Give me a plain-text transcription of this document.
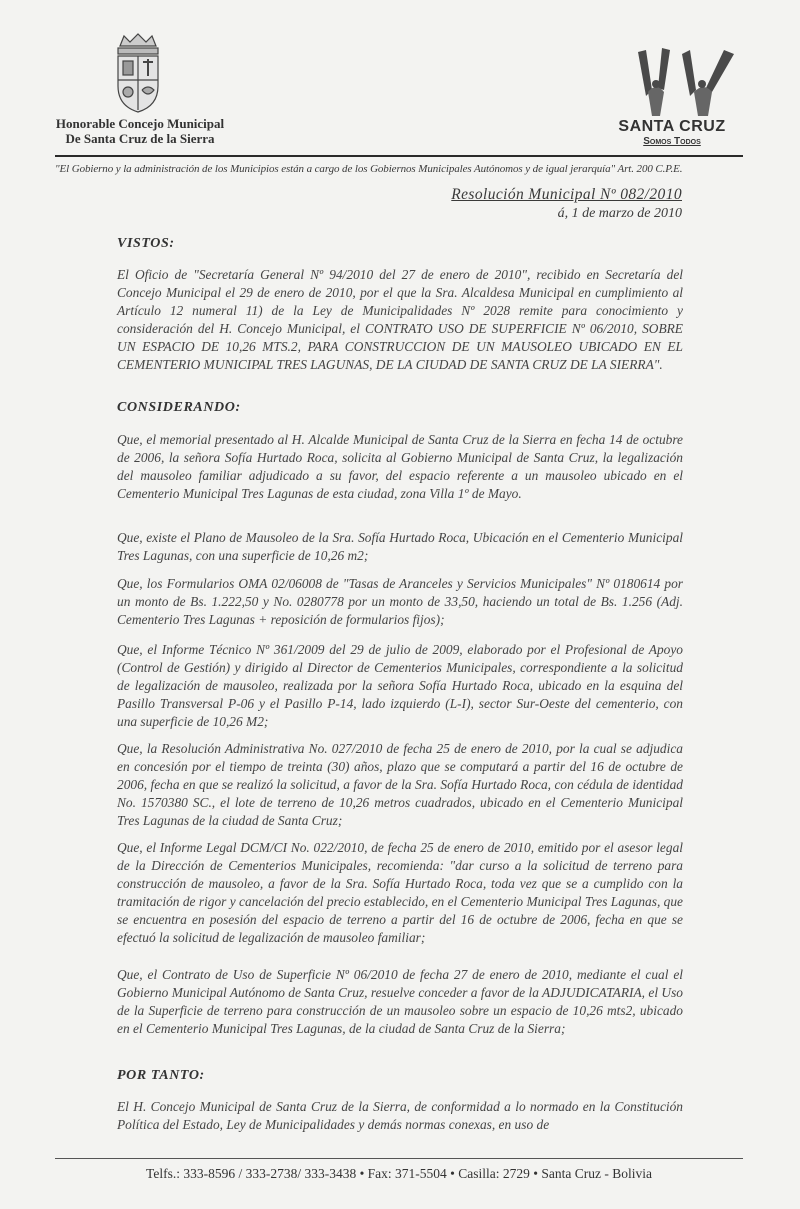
Honorable Concejo Municipal
De Santa Cruz de la Sierra
SANTA CRUZ
Somos Todos
"El Gobierno y la administración de los Municipios están a cargo de los Gobiernos Municipales Autónomos y de igual jerarquía" Art. 200 C.P.E.
Resolución Municipal Nº 082/2010
á, 1 de marzo de 2010
VISTOS:
El Oficio de "Secretaría General Nº 94/2010 del 27 de enero de 2010", recibido en Secretaría del Concejo Municipal el 29 de enero de 2010, por el que la Sra. Alcaldesa Municipal en cumplimiento al Artículo 12 numeral 11) de la Ley de Municipalidades Nº 2028 remite para conocimiento y consideración del H. Concejo Municipal, el CONTRATO USO DE SUPERFICIE Nº 06/2010, SOBRE UN ESPACIO DE 10,26 MTS.2, PARA CONSTRUCCION DE UN MAUSOLEO UBICADO EN EL CEMENTERIO MUNICIPAL TRES LAGUNAS, DE LA CIUDAD DE SANTA CRUZ DE LA SIERRA".
CONSIDERANDO:
Que, el memorial presentado al H. Alcalde Municipal de Santa Cruz de la Sierra en fecha 14 de octubre de 2006, la señora Sofía Hurtado Roca, solicita al Gobierno Municipal de Santa Cruz, la legalización del mausoleo familiar adjudicado a su favor, del espacio referente a un mausoleo ubicado en el Cementerio Municipal Tres Lagunas de esta ciudad, zona Villa 1º de Mayo.
Que, existe el Plano de Mausoleo de la Sra. Sofía Hurtado Roca, Ubicación en el Cementerio Municipal Tres Lagunas, con una superficie de 10,26 m2;
Que, los Formularios OMA 02/06008 de "Tasas de Aranceles y Servicios Municipales" Nº 0180614 por un monto de Bs. 1.222,50 y No. 0280778 por un monto de 33,50, haciendo un total de Bs. 1.256 (Adj. Cementerio Tres Lagunas + reposición de formularios fijos);
Que, el Informe Técnico Nº 361/2009 del 29 de julio de 2009, elaborado por el Profesional de Apoyo (Control de Gestión) y dirigido al Director de Cementerios Municipales, correspondiente a la solicitud de legalización de mausoleo, realizada por la señora Sofía Hurtado Roca, ubicado en la esquina del Pasillo Transversal P-06 y el Pasillo P-14, lado izquierdo (L-I), sector Sur-Oeste del cementerio, con una superficie de 10,26 M2;
Que, la Resolución Administrativa No. 027/2010 de fecha 25 de enero de 2010, por la cual se adjudica en concesión por el tiempo de treinta (30) años, plazo que se computará a partir del 16 de octubre de 2006, fecha en que se realizó la solicitud, a favor de la Sra. Sofía Hurtado Roca, con cédula de identidad No. 1570380 SC., el lote de terreno de 10,26 metros cuadrados, ubicado en el Cementerio Municipal Tres Lagunas de la ciudad de Santa Cruz;
Que, el Informe Legal DCM/CI No. 022/2010, de fecha 25 de enero de 2010, emitido por el asesor legal de la Dirección de Cementerios Municipales, recomienda: "dar curso a la solicitud de terreno para construcción de mausoleo, a favor de la Sra. Sofía Hurtado Roca, toda vez que se a cumplido con la tramitación de rigor y cancelación del precio establecido, en el Cementerio Municipal Tres Lagunas, que se encuentra en posesión del espacio de terreno a partir del 16 de octubre de 2006, fecha en que se efectuó la solicitud de legalización de mausoleo familiar;
Que, el Contrato de Uso de Superficie Nº 06/2010 de fecha 27 de enero de 2010, mediante el cual el Gobierno Municipal Autónomo de Santa Cruz, resuelve conceder a favor de la ADJUDICATARIA, el Uso de la Superficie de terreno para construcción de un mausoleo sobre un espacio de 10,26 mts2, ubicado en el Cementerio Municipal Tres Lagunas, de la ciudad de Santa Cruz de la Sierra;
POR TANTO:
El H. Concejo Municipal de Santa Cruz de la Sierra, de conformidad a lo normado en la Constitución Política del Estado, Ley de Municipalidades y demás normas conexas, en uso de
Telfs.: 333-8596 / 333-2738/ 333-3438 • Fax: 371-5504 • Casilla: 2729 • Santa Cruz - Bolivia
